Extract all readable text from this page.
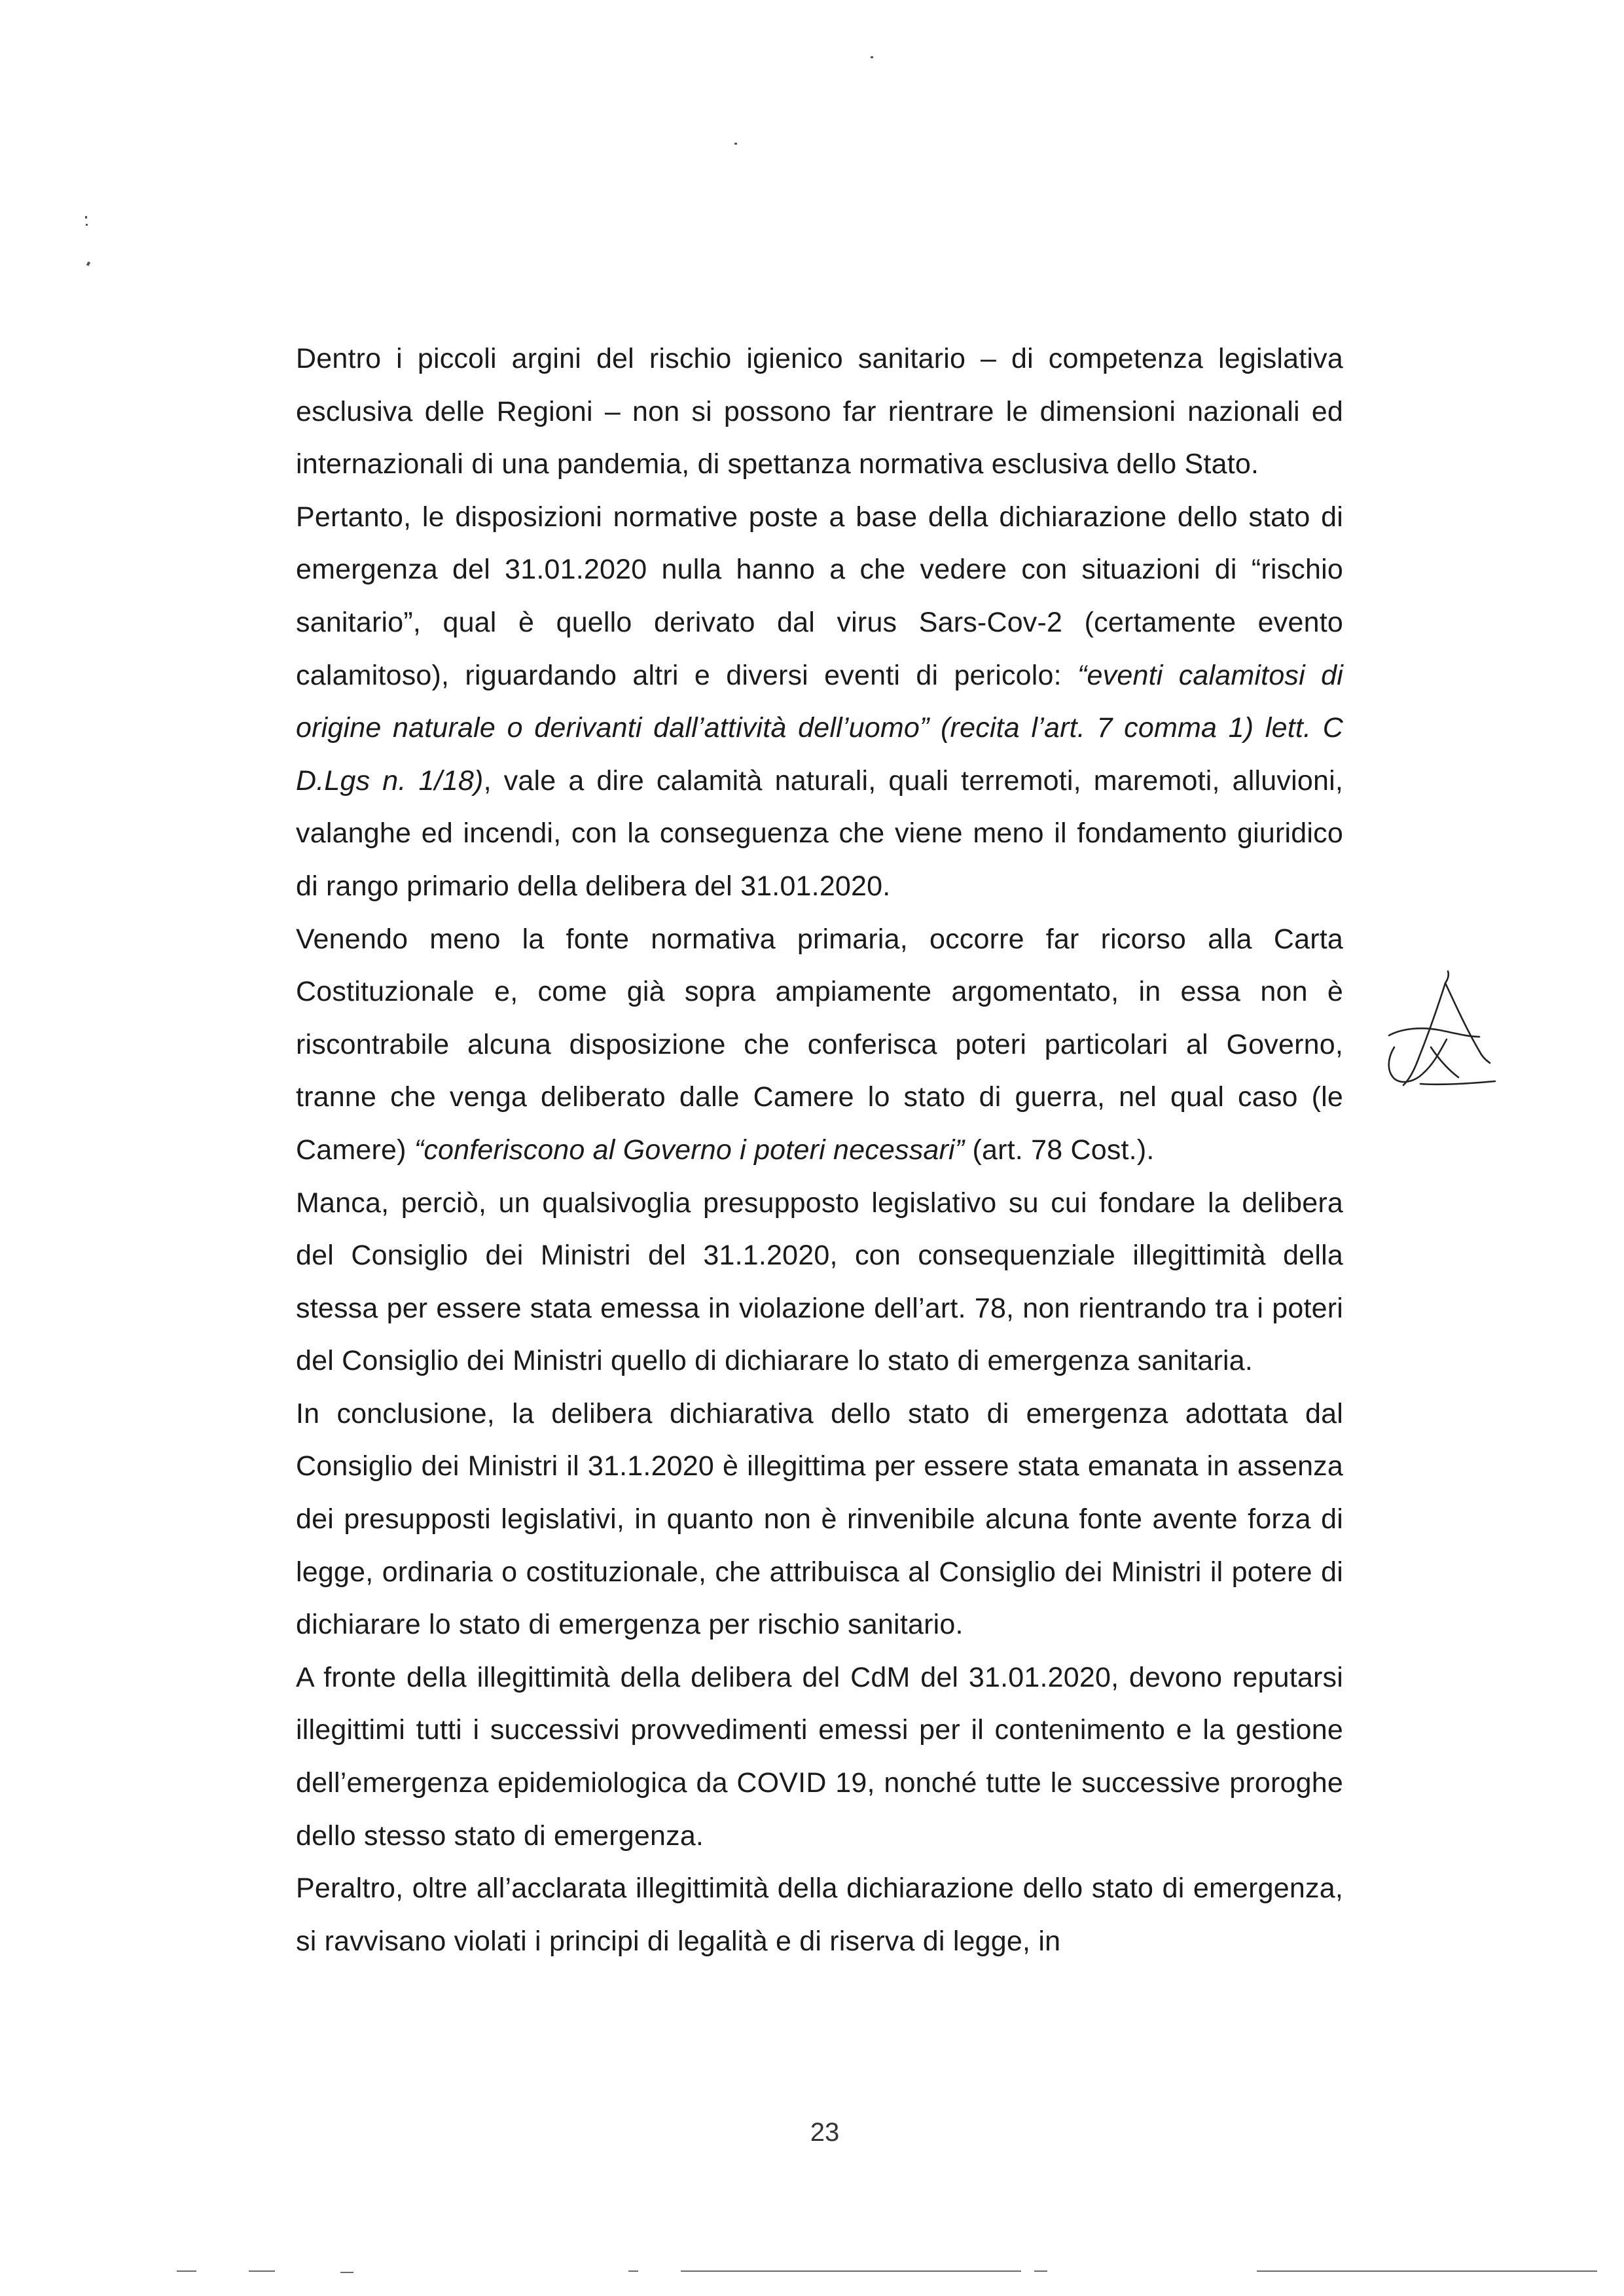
Dentro i piccoli argini del rischio igienico sanitario – di competenza legislativa esclusiva delle Regioni – non si possono far rientrare le dimensioni nazionali ed internazionali di una pandemia, di spettanza normativa esclusiva dello Stato.

Pertanto, le disposizioni normative poste a base della dichiarazione dello stato di emergenza del 31.01.2020 nulla hanno a che vedere con situazioni di “rischio sanitario”, qual è quello derivato dal virus Sars-Cov-2 (certamente evento calamitoso), riguardando altri e diversi eventi di pericolo: “eventi calamitosi di origine naturale o derivanti dall’attività dell’uomo” (recita l’art. 7 comma 1) lett. C D.Lgs n. 1/18), vale a dire calamità naturali, quali terremoti, maremoti, alluvioni, valanghe ed incendi, con la conseguenza che viene meno il fondamento giuridico di rango primario della delibera del 31.01.2020.

Venendo meno la fonte normativa primaria, occorre far ricorso alla Carta Costituzionale e, come già sopra ampiamente argomentato, in essa non è riscontrabile alcuna disposizione che conferisca poteri particolari al Governo, tranne che venga deliberato dalle Camere lo stato di guerra, nel qual caso (le Camere) “conferiscono al Governo i poteri necessari” (art. 78 Cost.).

Manca, perciò, un qualsivoglia presupposto legislativo su cui fondare la delibera del Consiglio dei Ministri del 31.1.2020, con consequenziale illegittimità della stessa per essere stata emessa in violazione dell’art. 78, non rientrando tra i poteri del Consiglio dei Ministri quello di dichiarare lo stato di emergenza sanitaria.

In conclusione, la delibera dichiarativa dello stato di emergenza adottata dal Consiglio dei Ministri il 31.1.2020 è illegittima per essere stata emanata in assenza dei presupposti legislativi, in quanto non è rinvenibile alcuna fonte avente forza di legge, ordinaria o costituzionale, che attribuisca al Consiglio dei Ministri il potere di dichiarare lo stato di emergenza per rischio sanitario.

A fronte della illegittimità della delibera del CdM del 31.01.2020, devono reputarsi illegittimi tutti i successivi provvedimenti emessi per il contenimento e la gestione dell’emergenza epidemiologica da COVID 19, nonché tutte le successive proroghe dello stesso stato di emergenza.

Peraltro, oltre all’acclarata illegittimità della dichiarazione dello stato di emergenza, si ravvisano violati i principi di legalità e di riserva di legge, in

23
